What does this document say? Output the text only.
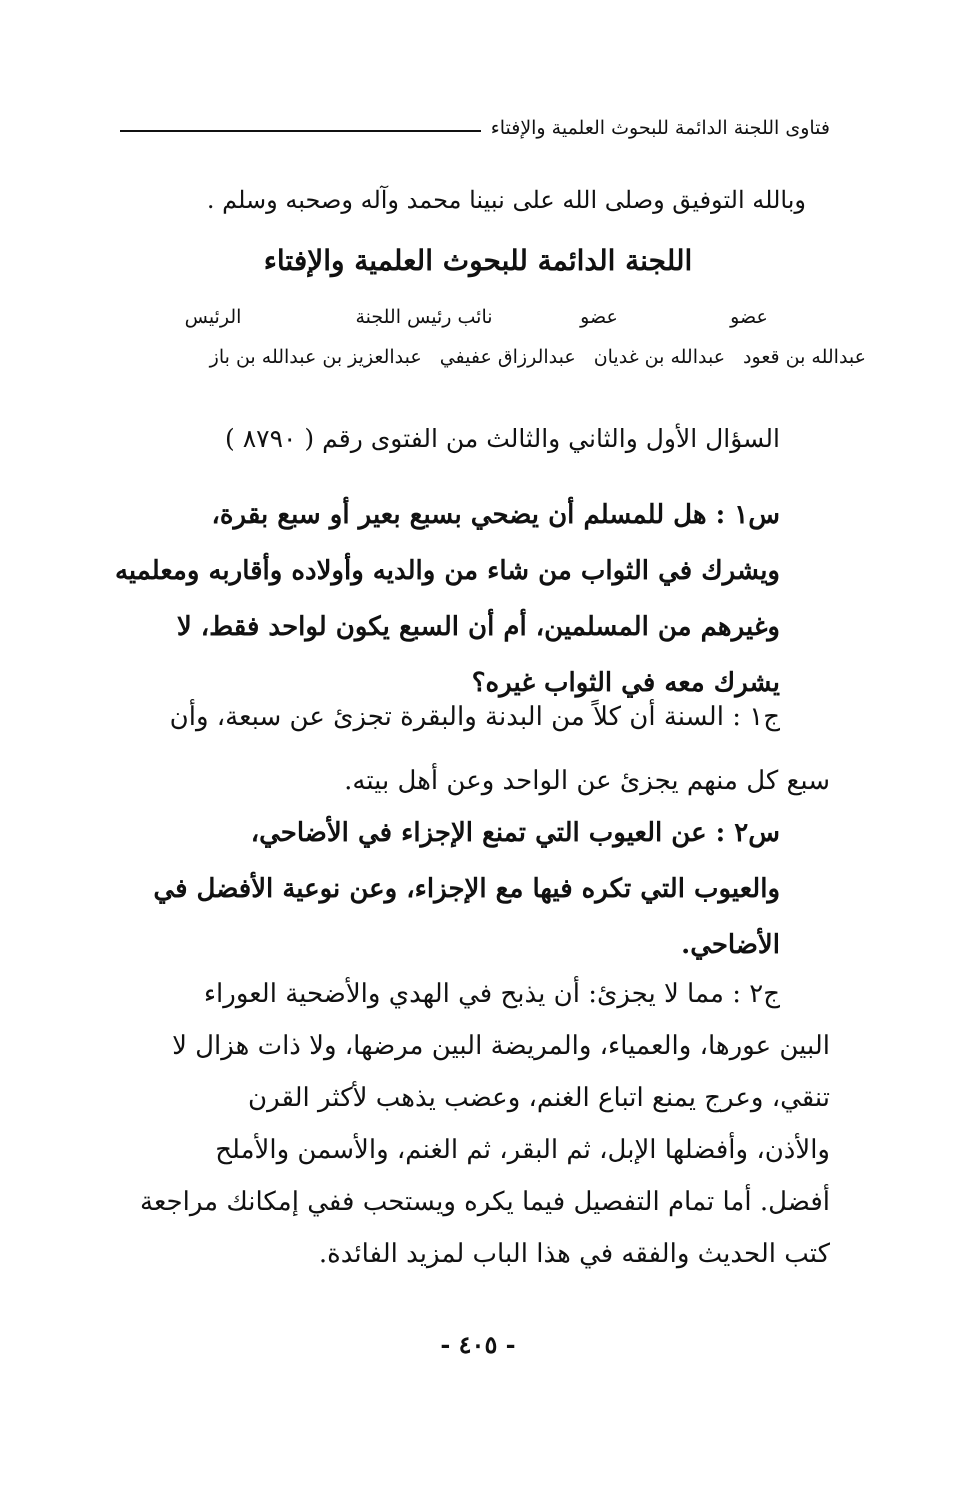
فتاوى اللجنة الدائمة للبحوث العلمية والإفتاء
وبالله التوفيق وصلى الله على نبينا محمد وآله وصحبه وسلم .
اللجنة الدائمة للبحوث العلمية والإفتاء
عضو
عضو
نائب رئيس اللجنة
الرئيس
عبدالله بن قعود
عبدالله بن غديان
عبدالرزاق عفيفي
عبدالعزيز بن عبدالله بن باز
السؤال الأول والثاني والثالث من الفتوى رقم ( ٨٧٩٠ )
س١ : هل للمسلم أن يضحي بسبع بعير أو سبع بقرة،
ويشرك في الثواب من شاء من والديه وأولاده وأقاربه ومعلميه
وغيرهم من المسلمين، أم أن السبع يكون لواحد فقط، لا
يشرك معه في الثواب غيره؟
ج١ : السنة أن كلاً من البدنة والبقرة تجزئ عن سبعة، وأن
سبع كل منهم يجزئ عن الواحد وعن أهل بيته.
س٢ : عن العيوب التي تمنع الإجزاء في الأضاحي،
والعيوب التي تكره فيها مع الإجزاء، وعن نوعية الأفضل في
الأضاحي.
ج٢ : مما لا يجزئ: أن يذبح في الهدي والأضحية العوراء
البين عورها، والعمياء، والمريضة البين مرضها، ولا ذات هزال لا
تنقي، وعرج يمنع اتباع الغنم، وعضب يذهب لأكثر القرن
والأذن، وأفضلها الإبل، ثم البقر، ثم الغنم، والأسمن والأملح
أفضل. أما تمام التفصيل فيما يكره ويستحب ففي إمكانك مراجعة
كتب الحديث والفقه في هذا الباب لمزيد الفائدة.
- ٤٠٥ -
